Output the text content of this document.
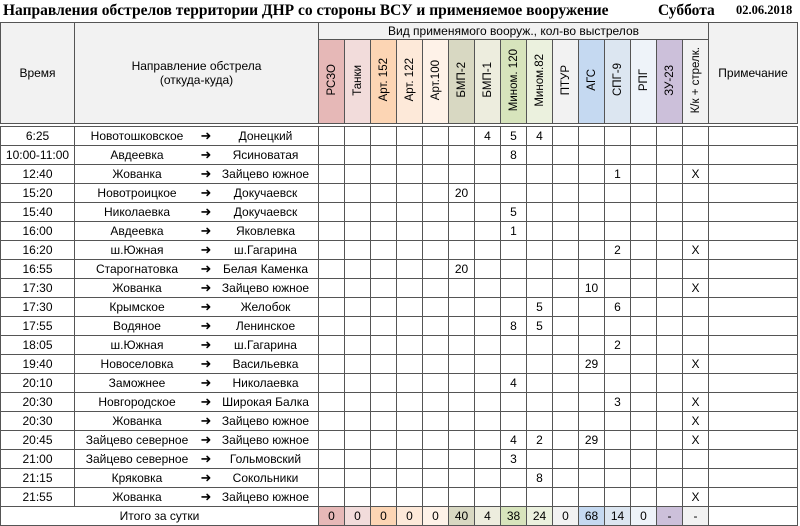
Направления обстрелов территории ДНР со стороны ВСУ и применяемое вооружение	Суббота 02.06.2018
Время	Направление обстрела (откуда-куда)	Вид применямого вооруж., кол-во выстрелов															Примечание
		РСЗО	Танки	Арт. 152	Арт. 122	Арт.100	БМП-2	БМП-1	Мином. 120	Мином.82	ПТУР	АГС	СПГ-9	РПГ	ЗУ-23	К/к + стрелк.	

6:25	Новотошковское ➜ Донецкий							4	5	4							
10:00-11:00	Авдеевка ➜ Ясиноватая								8								
12:40	Жованка ➜ Зайцево южное												1			X	
15:20	Новотроицкое ➜ Докучаевск						20										
15:40	Николаевка ➜ Докучаевск								5								
16:00	Авдеевка ➜ Яковлевка								1								
16:20	ш.Южная ➜ ш.Гагарина												2			X	
16:55	Старогнатовка ➜ Белая Каменка						20										
17:30	Жованка ➜ Зайцево южное											10				X	
17:30	Крымское ➜ Желобок									5			6				
17:55	Водяное ➜ Ленинское								8	5							
18:05	ш.Южная ➜ ш.Гагарина												2				
19:40	Новоселовка ➜ Васильевка											29				X	
20:10	Заможнее ➜ Николаевка								4								
20:30	Новгородское ➜ Широкая Балка												3			X	
20:30	Жованка ➜ Зайцево южное															X	
20:45	Зайцево северное ➜ Зайцево южное								4	2		29				X	
21:00	Зайцево северное ➜ Гольмовский								3								
21:15	Кряковка ➜ Сокольники									8							
21:55	Жованка ➜ Зайцево южное															X	
Итого за сутки		0	0	0	0	0	40	4	38	24	0	68	14	0	-	-	
